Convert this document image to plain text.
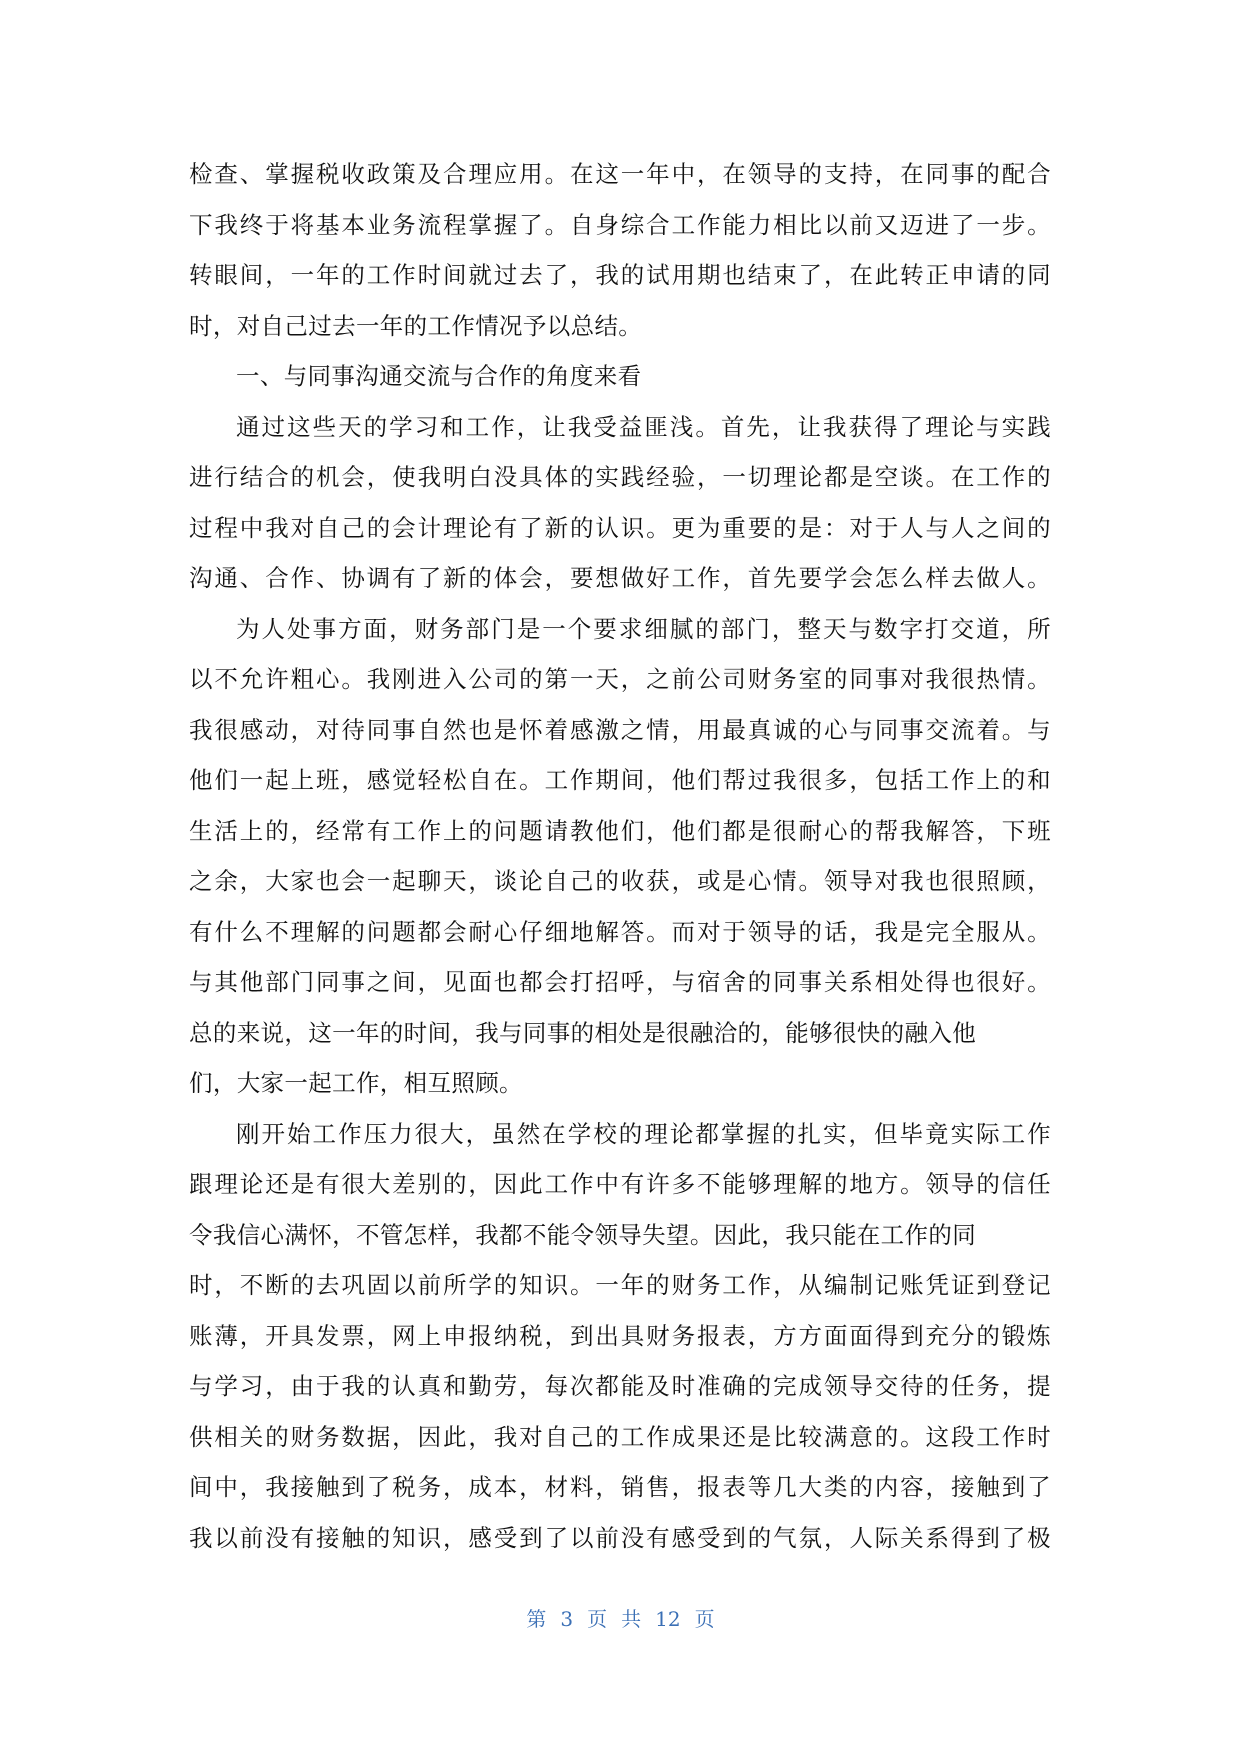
检查、掌握税收政策及合理应用。在这一年中，在领导的支持，在同事的配合
下我终于将基本业务流程掌握了。自身综合工作能力相比以前又迈进了一步。
转眼间，一年的工作时间就过去了，我的试用期也结束了，在此转正申请的同
时，对自己过去一年的工作情况予以总结。
一、与同事沟通交流与合作的角度来看
通过这些天的学习和工作，让我受益匪浅。首先，让我获得了理论与实践
进行结合的机会，使我明白没具体的实践经验，一切理论都是空谈。在工作的
过程中我对自己的会计理论有了新的认识。更为重要的是：对于人与人之间的
沟通、合作、协调有了新的体会，要想做好工作，首先要学会怎么样去做人。
为人处事方面，财务部门是一个要求细腻的部门，整天与数字打交道，所
以不允许粗心。我刚进入公司的第一天，之前公司财务室的同事对我很热情。
我很感动，对待同事自然也是怀着感激之情，用最真诚的心与同事交流着。与
他们一起上班，感觉轻松自在。工作期间，他们帮过我很多，包括工作上的和
生活上的，经常有工作上的问题请教他们，他们都是很耐心的帮我解答，下班
之余，大家也会一起聊天，谈论自己的收获，或是心情。领导对我也很照顾，
有什么不理解的问题都会耐心仔细地解答。而对于领导的话，我是完全服从。
与其他部门同事之间，见面也都会打招呼，与宿舍的同事关系相处得也很好。
总的来说，这一年的时间，我与同事的相处是很融洽的，能够很快的融入他
们，大家一起工作，相互照顾。
刚开始工作压力很大，虽然在学校的理论都掌握的扎实，但毕竟实际工作
跟理论还是有很大差别的，因此工作中有许多不能够理解的地方。领导的信任
令我信心满怀，不管怎样，我都不能令领导失望。因此，我只能在工作的同
时，不断的去巩固以前所学的知识。一年的财务工作，从编制记账凭证到登记
账薄，开具发票，网上申报纳税，到出具财务报表，方方面面得到充分的锻炼
与学习，由于我的认真和勤劳，每次都能及时准确的完成领导交待的任务，提
供相关的财务数据，因此，我对自己的工作成果还是比较满意的。这段工作时
间中，我接触到了税务，成本，材料，销售，报表等几大类的内容，接触到了
我以前没有接触的知识，感受到了以前没有感受到的气氛，人际关系得到了极
第 3 页 共 12 页
